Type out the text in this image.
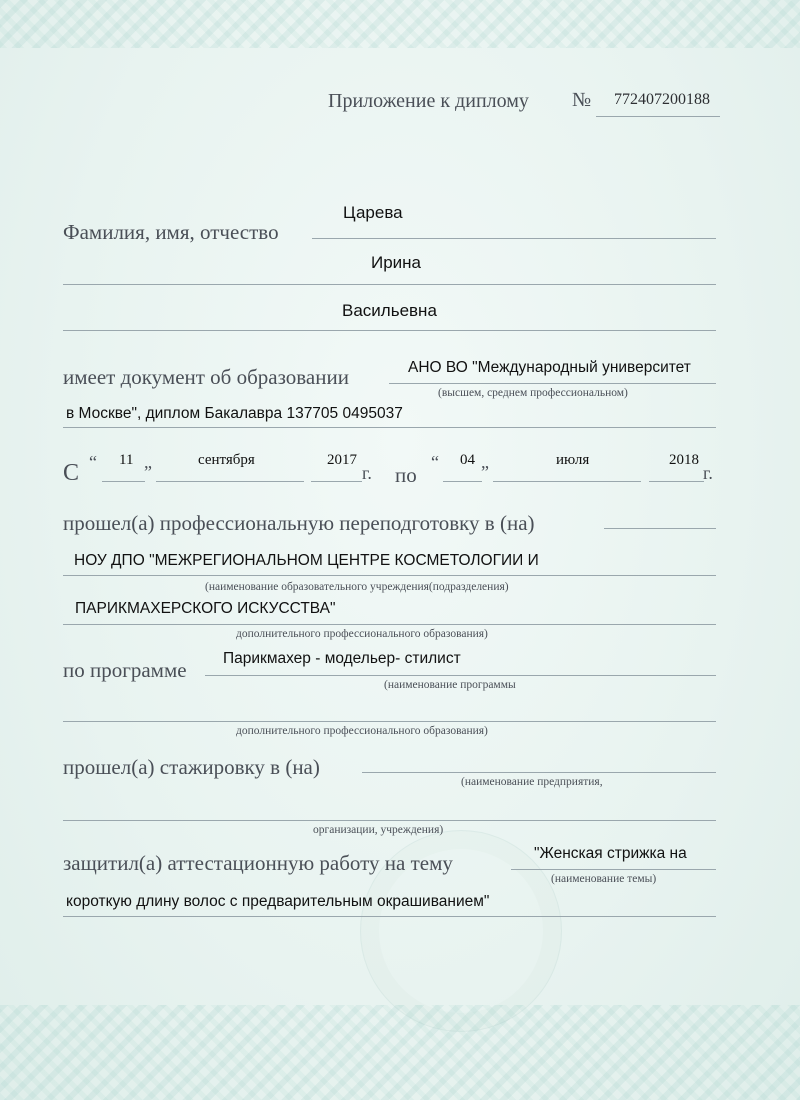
Приложение к диплому № 772407200188
Фамилия, имя, отчество
Царева
Ирина
Васильевна
имеет документ об образовании	АНО ВО "Международный университет
(высшем, среднем профессиональном)
в Москве", диплом Бакалавра 137705 0495037
С “ 11 „	сентября	2017
г. по
“ 04 „	июля	2018
г.
прошел(а) профессиональную переподготовку в (на)
НОУ ДПО "МЕЖРЕГИОНАЛЬНОМ ЦЕНТРЕ КОСМЕТОЛОГИИ И
(наименование образовательного учреждения(подразделения)
ПАРИКМАХЕРСКОГО ИСКУССТВА"
дополнительного профессионального образования)
по программе Парикмахер - модельер- стилист
(наименование программы
дополнительного профессионального образования)
прошел(а) стажировку в (на)
(наименование предприятия,
организации, учреждения)
защитил(а) аттестационную работу на тему	"Женская стрижка на
(наименование темы)
короткую длину волос с предварительным окрашиванием"
